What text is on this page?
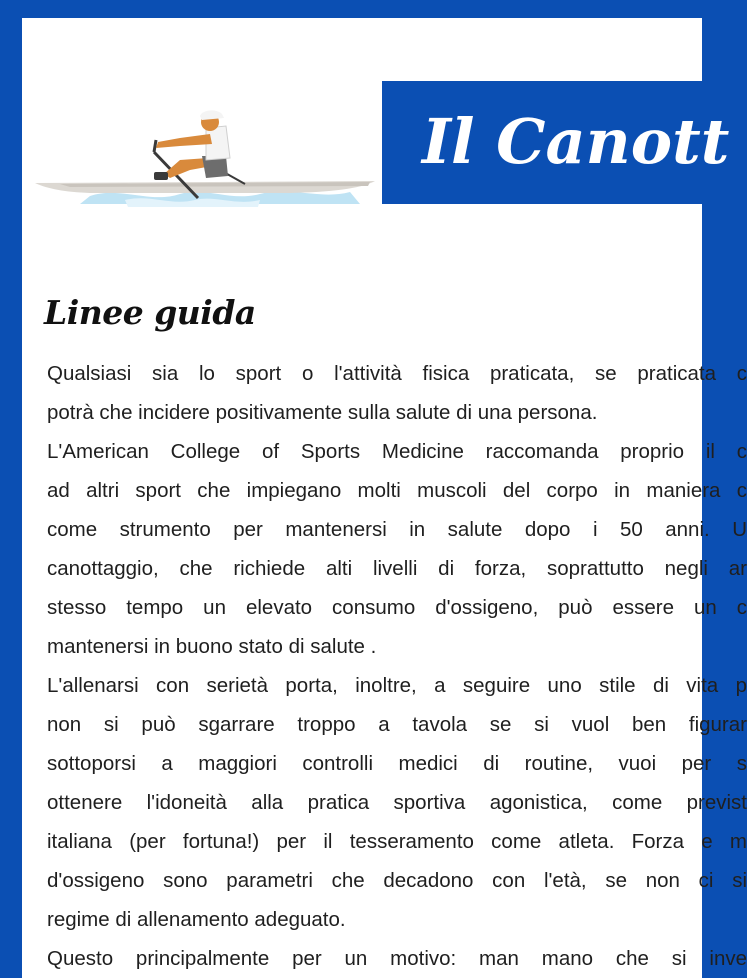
Il Canott
Linee guida
Qualsiasi sia lo sport o l'attività fisica praticata, se praticata c
potrà che incidere positivamente sulla salute di una persona.
L'American College of Sports Medicine raccomanda proprio il c
ad altri sport che impiegano molti muscoli del corpo in maniera c
come strumento per mantenersi in salute dopo i 50 anni. U
canottaggio, che richiede alti livelli di forza, soprattutto negli ar
stesso tempo un elevato consumo d'ossigeno, può essere un c
mantenersi in buono stato di salute .
L'allenarsi con serietà porta, inoltre, a seguire uno stile di vita p
non si può sgarrare troppo a tavola se si vuol ben figurar
sottoporsi a maggiori controlli medici di routine, vuoi per s
ottenere l'idoneità alla pratica sportiva agonistica, come previst
italiana (per fortuna!) per il tesseramento come atleta. Forza e m
d'ossigeno sono parametri che decadono con l'età, se non ci si
regime di allenamento adeguato.
Questo principalmente per un motivo: man mano che si inve
